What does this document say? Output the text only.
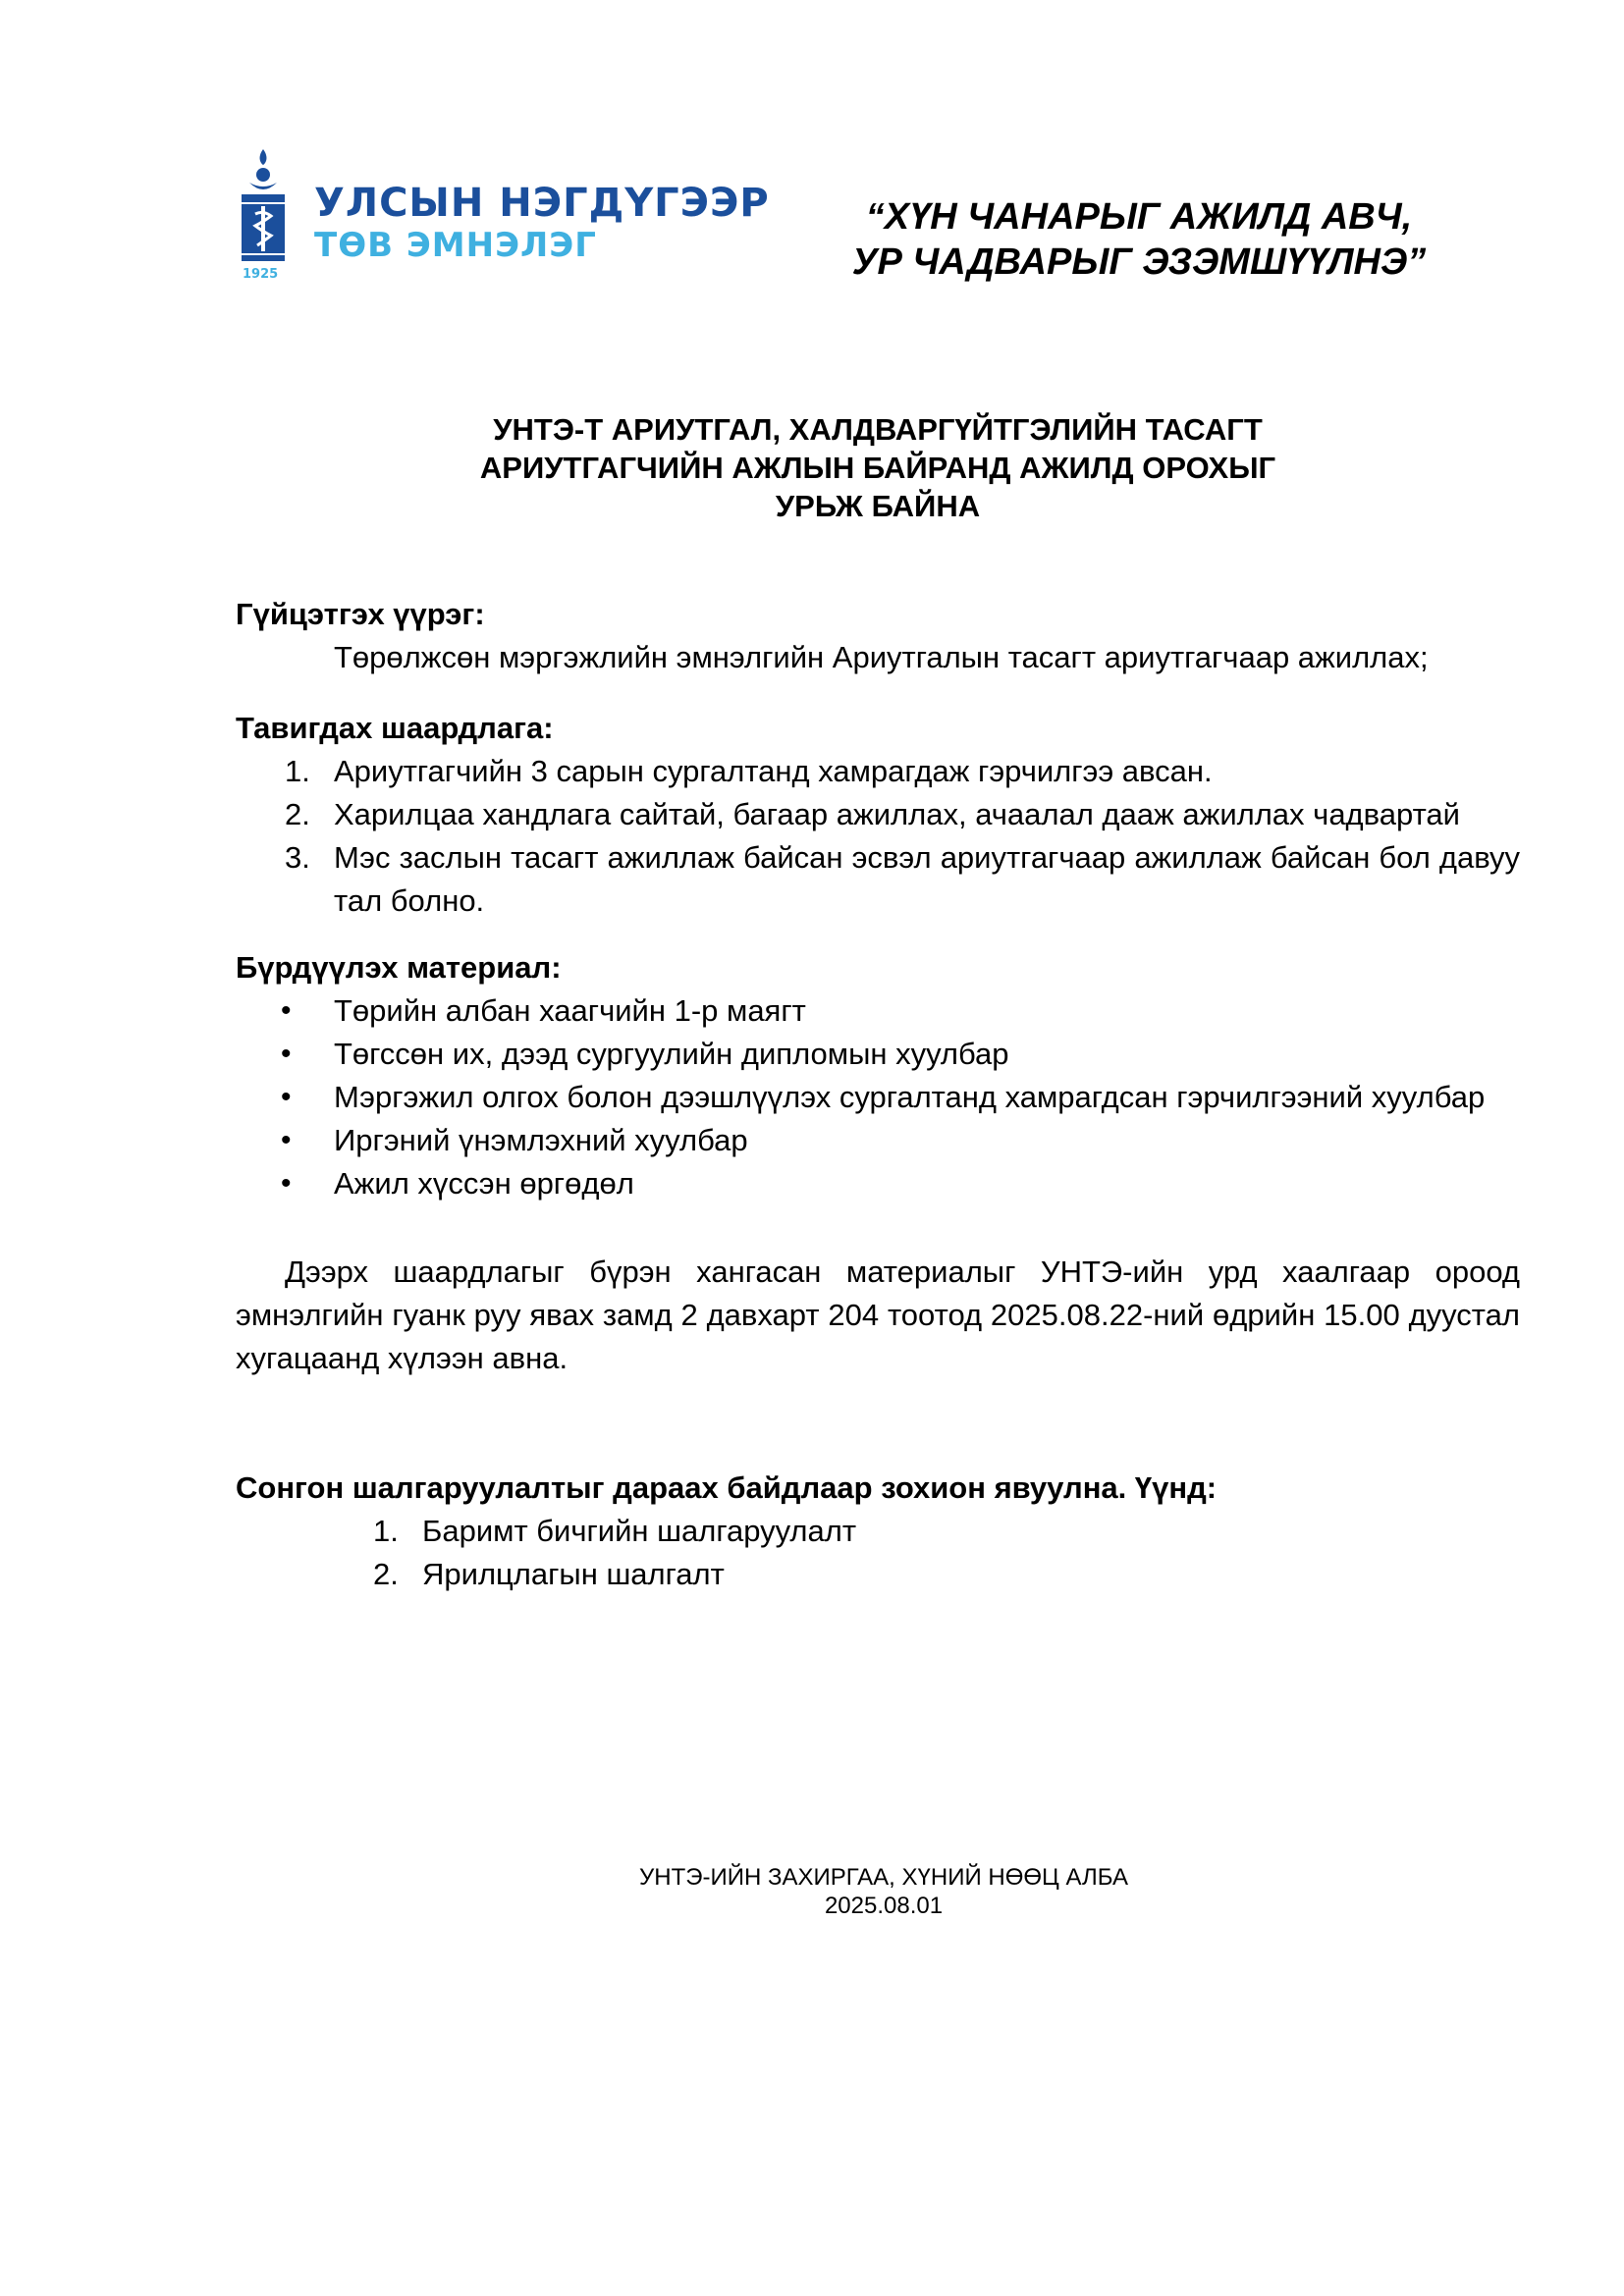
УЛСЫН НЭГДҮГЭЭР
ТӨВ ЭМНЭЛЭГ
1925
“ХҮН ЧАНАРЫГ АЖИЛД АВЧ,
УР ЧАДВАРЫГ ЭЗЭМШҮҮЛНЭ”
УНТЭ-Т АРИУТГАЛ, ХАЛДВАРГҮЙТГЭЛИЙН ТАСАГТ
АРИУТГАГЧИЙН АЖЛЫН БАЙРАНД АЖИЛД ОРОХЫГ
УРЬЖ БАЙНА

Гүйцэтгэх үүрэг:

Төрөлжсөн мэргэжлийн эмнэлгийн Ариутгалын тасагт ариутгагчаар ажиллах;

Тавигдах шаардлага:

1. Ариутгагчийн 3 сарын сургалтанд хамрагдаж гэрчилгээ авсан.
2. Харилцаа хандлага сайтай, багаар ажиллах, ачаалал дааж ажиллах чадвартай
3. Мэс заслын тасагт ажиллаж байсан эсвэл ариутгагчаар ажиллаж байсан бол давуу тал болно.

Бүрдүүлэх материал:

• Төрийн албан хаагчийн 1-р маягт
• Төгссөн их, дээд сургуулийн дипломын хуулбар
• Мэргэжил олгох болон дээшлүүлэх сургалтанд хамрагдсан гэрчилгээний хуулбар
• Иргэний үнэмлэхний хуулбар
• Ажил хүссэн өргөдөл

Дээрх шаардлагыг бүрэн хангасан материалыг УНТЭ-ийн урд хаалгаар ороод эмнэлгийн гуанк руу явах замд 2 давхарт 204 тоотод 2025.08.22-ний өдрийн 15.00 дуустал хугацаанд хүлээн авна.

Сонгон шалгаруулалтыг дараах байдлаар зохион явуулна. Үүнд:

1. Баримт бичгийн шалгаруулалт
2. Ярилцлагын шалгалт
УНТЭ-ИЙН ЗАХИРГАА, ХҮНИЙ НӨӨЦ АЛБА
2025.08.01
